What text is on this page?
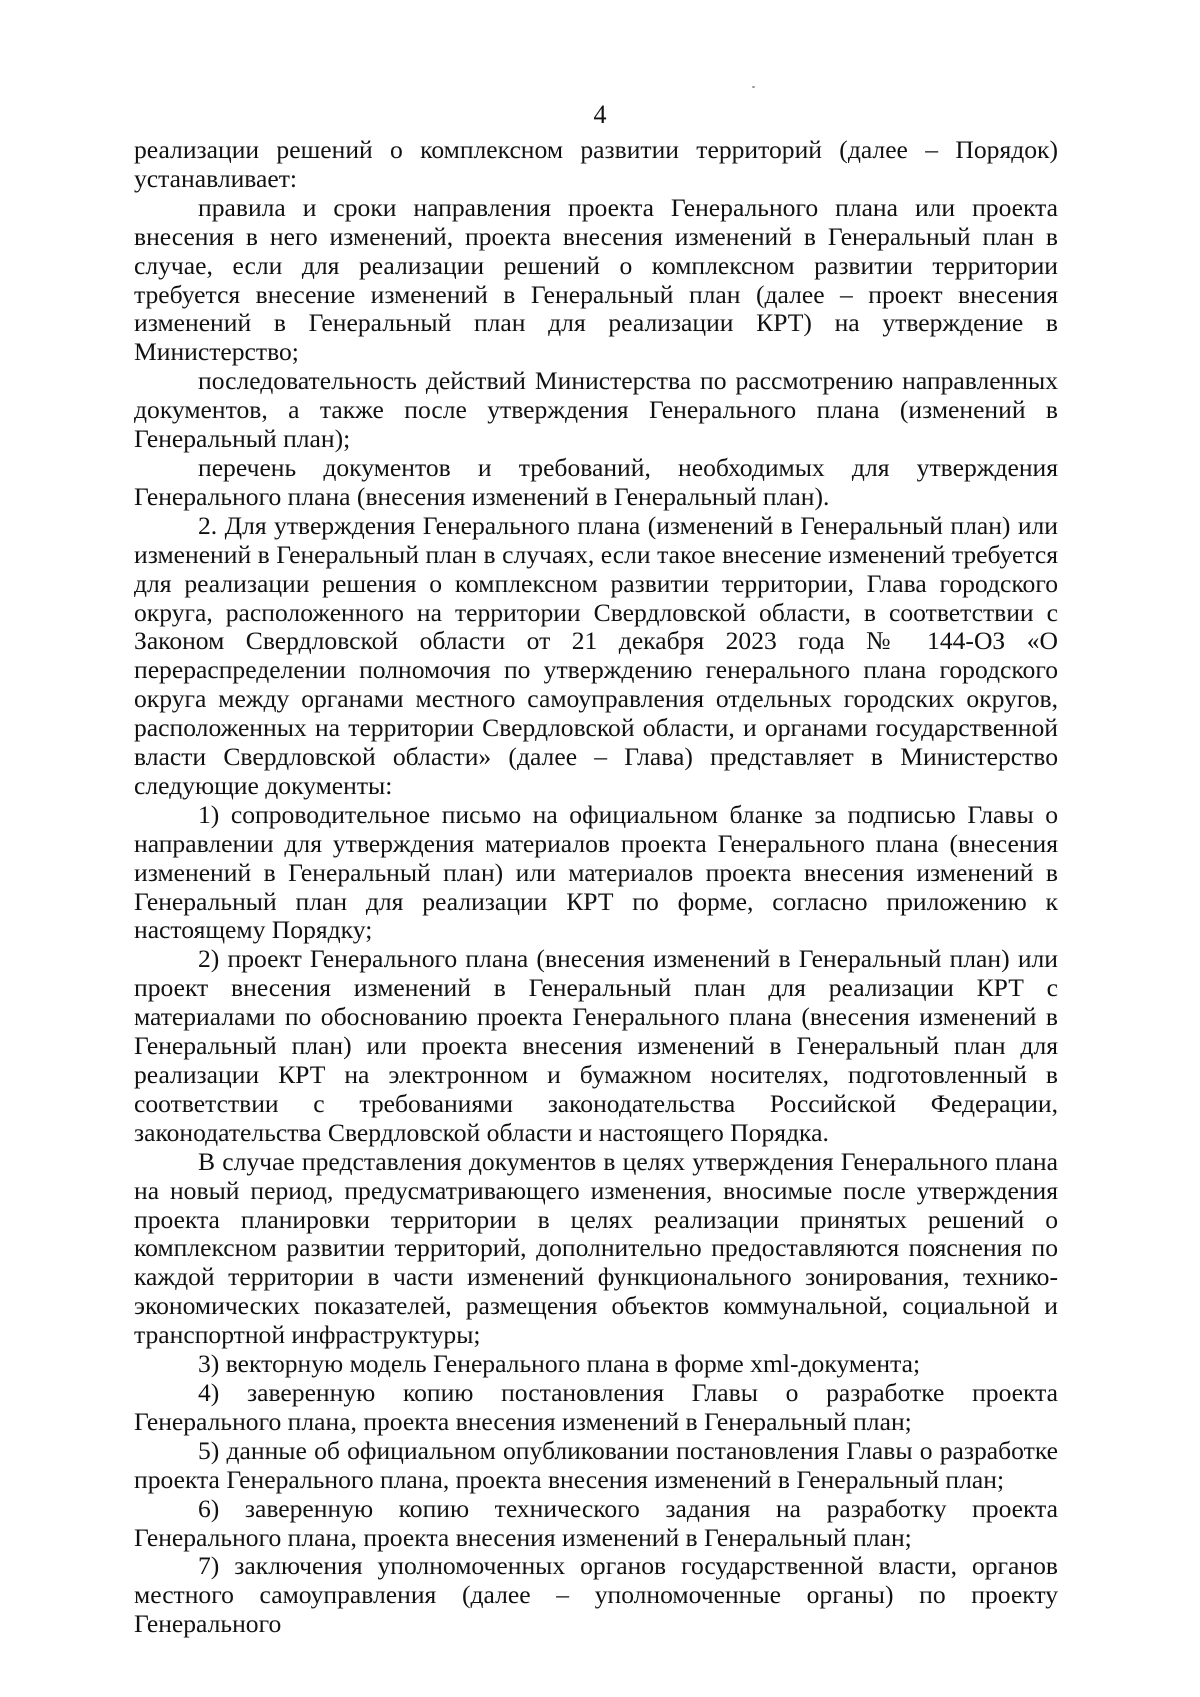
4

реализации решений о комплексном развитии территорий (далее – Порядок) устанавливает:

правила и сроки направления проекта Генерального плана или проекта внесения в него изменений, проекта внесения изменений в Генеральный план в случае, если для реализации решений о комплексном развитии территории требуется внесение изменений в Генеральный план (далее – проект внесения изменений в Генеральный план для реализации КРТ) на утверждение в Министерство;

последовательность действий Министерства по рассмотрению направленных документов, а также после утверждения Генерального плана (изменений в Генеральный план);

перечень документов и требований, необходимых для утверждения Генерального плана (внесения изменений в Генеральный план).

2. Для утверждения Генерального плана (изменений в Генеральный план) или изменений в Генеральный план в случаях, если такое внесение изменений требуется для реализации решения о комплексном развитии территории, Глава городского округа, расположенного на территории Свердловской области, в соответствии с Законом Свердловской области от 21 декабря 2023 года № 144-ОЗ «О перераспределении полномочия по утверждению генерального плана городского округа между органами местного самоуправления отдельных городских округов, расположенных на территории Свердловской области, и органами государственной власти Свердловской области» (далее – Глава) представляет в Министерство следующие документы:

1) сопроводительное письмо на официальном бланке за подписью Главы о направлении для утверждения материалов проекта Генерального плана (внесения изменений в Генеральный план) или материалов проекта внесения изменений в Генеральный план для реализации КРТ по форме, согласно приложению к настоящему Порядку;

2) проект Генерального плана (внесения изменений в Генеральный план) или проект внесения изменений в Генеральный план для реализации КРТ с материалами по обоснованию проекта Генерального плана (внесения изменений в Генеральный план) или проекта внесения изменений в Генеральный план для реализации КРТ на электронном и бумажном носителях, подготовленный в соответствии с требованиями законодательства Российской Федерации, законодательства Свердловской области и настоящего Порядка.

В случае представления документов в целях утверждения Генерального плана на новый период, предусматривающего изменения, вносимые после утверждения проекта планировки территории в целях реализации принятых решений о комплексном развитии территорий, дополнительно предоставляются пояснения по каждой территории в части изменений функционального зонирования, технико-экономических показателей, размещения объектов коммунальной, социальной и транспортной инфраструктуры;

3) векторную модель Генерального плана в форме xml-документа;

4) заверенную копию постановления Главы о разработке проекта Генерального плана, проекта внесения изменений в Генеральный план;

5) данные об официальном опубликовании постановления Главы о разработке проекта Генерального плана, проекта внесения изменений в Генеральный план;

6) заверенную копию технического задания на разработку проекта Генерального плана, проекта внесения изменений в Генеральный план;

7) заключения уполномоченных органов государственной власти, органов местного самоуправления (далее – уполномоченные органы) по проекту Генерального
